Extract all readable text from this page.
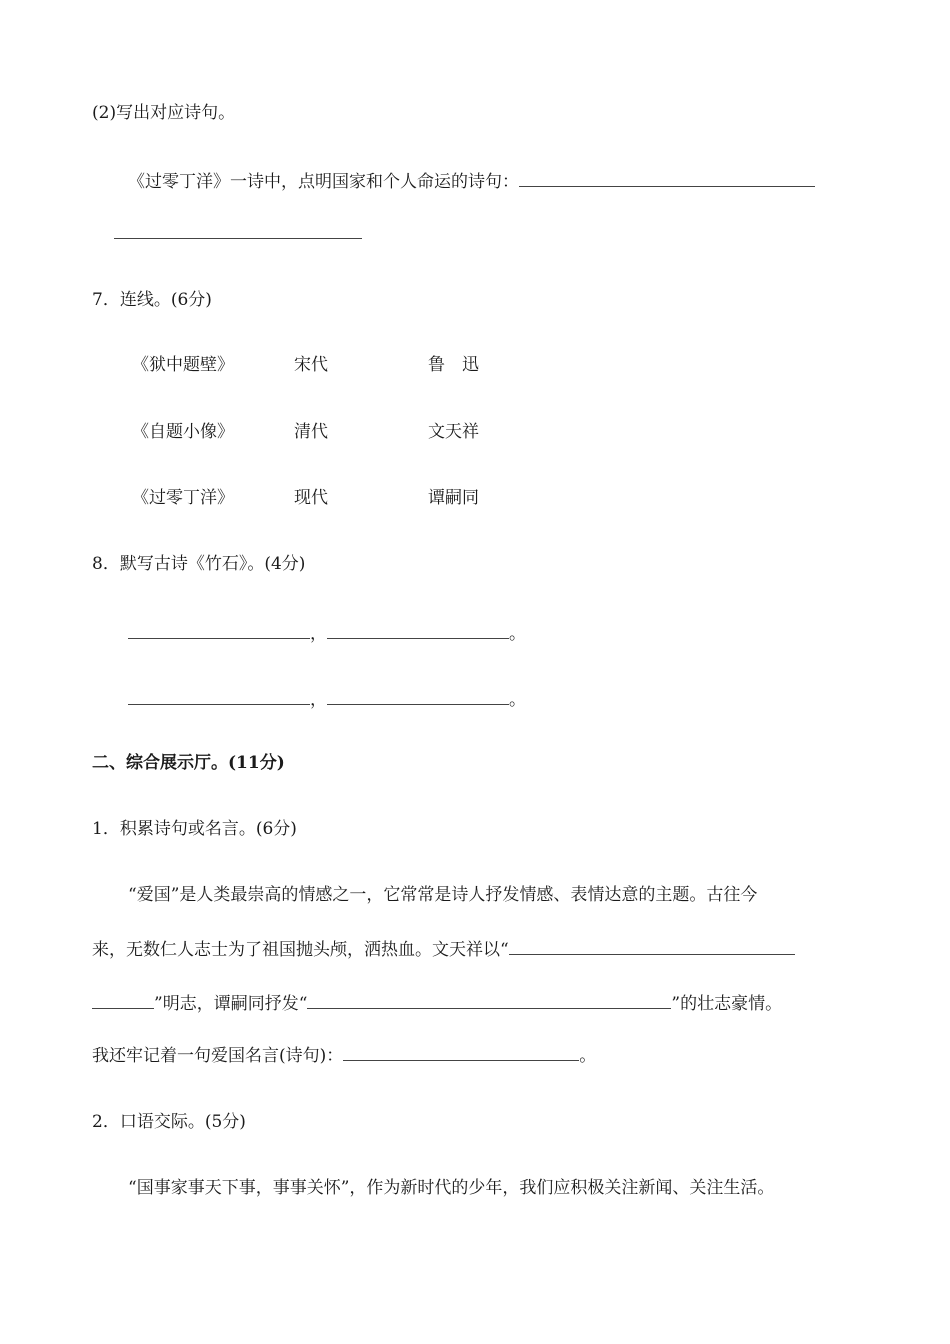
(2)写出对应诗句。
《过零丁洋》一诗中，点明国家和个人命运的诗句：
7．连线。(6分)
《狱中题壁》	宋代	鲁　迅
《自题小像》	清代	文天祥
《过零丁洋》	现代	谭嗣同
8．默写古诗《竹石》。(4分)
，	。
，	。
二、综合展示厅。(11分)
1．积累诗句或名言。(6分)
“爱国”是人类最崇高的情感之一，它常常是诗人抒发情感、表情达意的主题。古往今
来，无数仁人志士为了祖国抛头颅，洒热血。文天祥以“
”明志，谭嗣同抒发“	”的壮志豪情。
我还牢记着一句爱国名言(诗句)：	。
2．口语交际。(5分)
“国事家事天下事，事事关怀”，作为新时代的少年，我们应积极关注新闻、关注生活。
